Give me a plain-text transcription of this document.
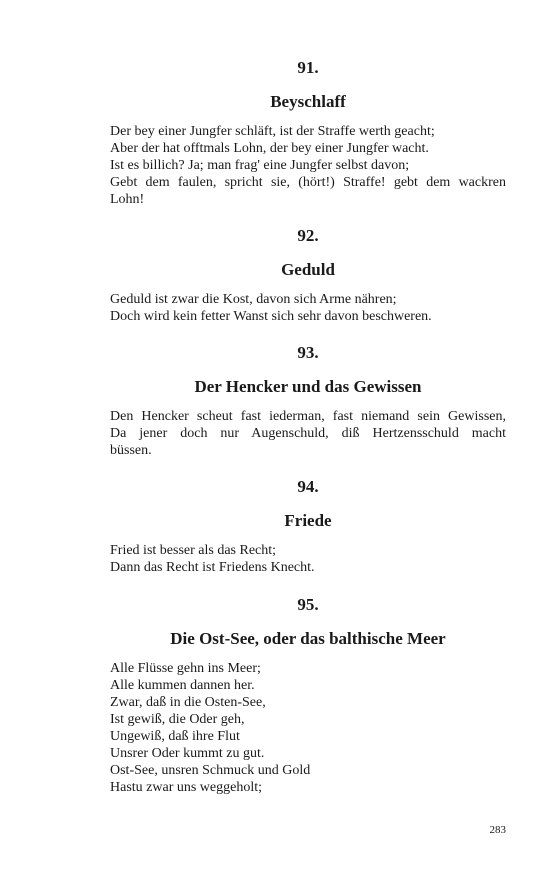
91.

Beyschlaff

Der bey einer Jungfer schläft, ist der Straffe werth geacht;
Aber der hat offtmals Lohn, der bey einer Jungfer wacht.
Ist es billich? Ja; man frag' eine Jungfer selbst davon;
Gebt dem faulen, spricht sie, (hört!) Straffe! gebt dem wackren
Lohn!

92.

Geduld

Geduld ist zwar die Kost, davon sich Arme nähren;
Doch wird kein fetter Wanst sich sehr davon beschweren.

93.

Der Hencker und das Gewissen

Den Hencker scheut fast iederman, fast niemand sein Gewissen,
Da jener doch nur Augenschuld, diß Hertzensschuld macht
büssen.

94.

Friede

Fried ist besser als das Recht;
Dann das Recht ist Friedens Knecht.

95.

Die Ost-See, oder das balthische Meer

Alle Flüsse gehn ins Meer;
Alle kummen dannen her.
Zwar, daß in die Osten-See,
Ist gewiß, die Oder geh,
Ungewiß, daß ihre Flut
Unsrer Oder kummt zu gut.
Ost-See, unsren Schmuck und Gold
Hastu zwar uns weggeholt;
283
